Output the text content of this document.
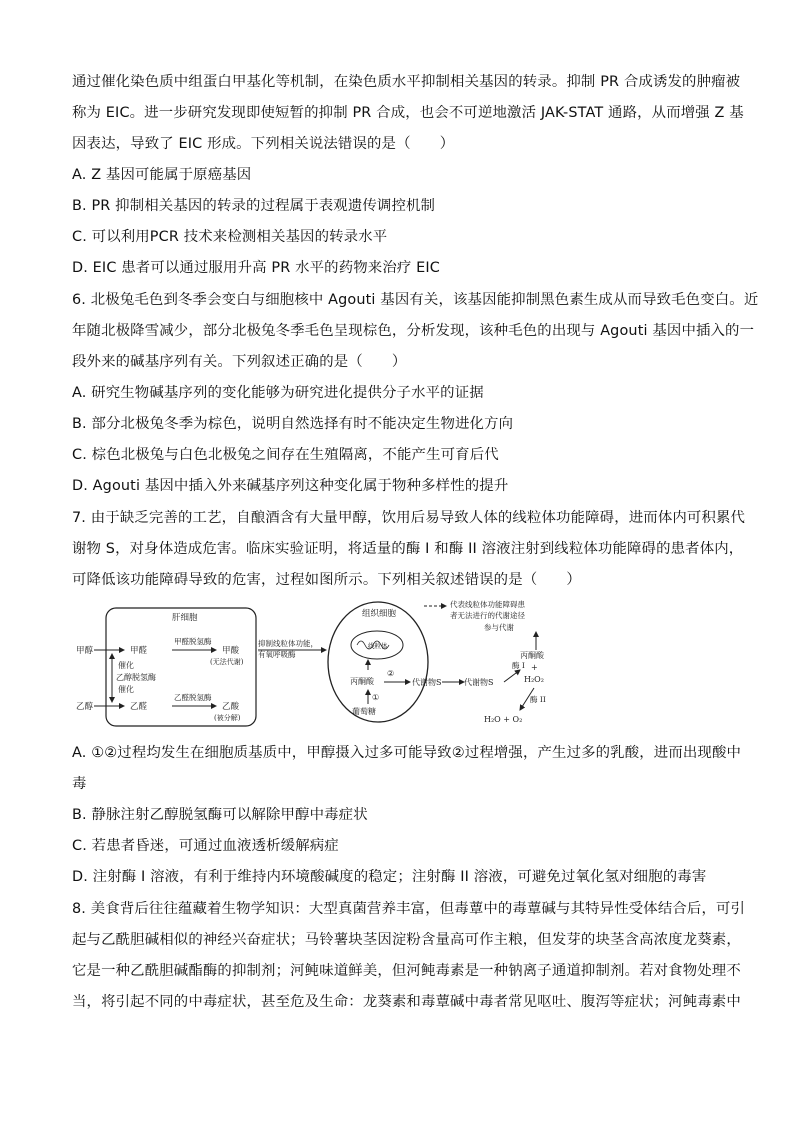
通过催化染色质中组蛋白甲基化等机制，在染色质水平抑制相关基因的转录。抑制 PR 合成诱发的肿瘤被
称为 EIC。进一步研究发现即使短暂的抑制 PR 合成，也会不可逆地激活 JAK-STAT 通路，从而增强 Z 基
因表达，导致了 EIC 形成。下列相关说法错误的是（　　）
A. Z 基因可能属于原癌基因
B. PR 抑制相关基因的转录的过程属于表观遗传调控机制
C. 可以利用PCR 技术来检测相关基因的转录水平
D. EIC 患者可以通过服用升高 PR 水平的药物来治疗 EIC
6. 北极兔毛色到冬季会变白与细胞核中 Agouti 基因有关，该基因能抑制黑色素生成从而导致毛色变白。近
年随北极降雪减少，部分北极兔冬季毛色呈现棕色，分析发现，该种毛色的出现与 Agouti 基因中插入的一
段外来的碱基序列有关。下列叙述正确的是（　　）
A. 研究生物碱基序列的变化能够为研究进化提供分子水平的证据
B. 部分北极兔冬季为棕色，说明自然选择有时不能决定生物进化方向
C. 棕色北极兔与白色北极兔之间存在生殖隔离，不能产生可育后代
D. Agouti 基因中插入外来碱基序列这种变化属于物种多样性的提升
7. 由于缺乏完善的工艺，自酿酒含有大量甲醇，饮用后易导致人体的线粒体功能障碍，进而体内可积累代
谢物 S，对身体造成危害。临床实验证明，将适量的酶 I 和酶 II 溶液注射到线粒体功能障碍的患者体内，
可降低该功能障碍导致的危害，过程如图所示。下列相关叙述错误的是（　　）
肝细胞
甲醇
乙醇
催化
乙醇脱氢酶
催化
甲醛
乙醛
甲醛脱氢酶
乙醛脱氢酶
甲酸
(无法代谢)
乙酸
(被分解)
抑制线粒体功能，
有氧呼吸酶
组织细胞
线粒体
丙酮酸
②
代谢物S
①
葡萄糖
代谢物S
酶 I
丙酮酸
+
H₂O₂
酶 II
H₂O + O₂
参与代谢
代表线粒体功能障碍患
者无法进行的代谢途径
A. ①②过程均发生在细胞质基质中，甲醇摄入过多可能导致②过程增强，产生过多的乳酸，进而出现酸中
毒
B. 静脉注射乙醇脱氢酶可以解除甲醇中毒症状
C. 若患者昏迷，可通过血液透析缓解病症
D. 注射酶 I 溶液，有利于维持内环境酸碱度的稳定；注射酶 II 溶液，可避免过氧化氢对细胞的毒害
8. 美食背后往往蕴藏着生物学知识：大型真菌营养丰富，但毒蕈中的毒蕈碱与其特异性受体结合后，可引
起与乙酰胆碱相似的神经兴奋症状；马铃薯块茎因淀粉含量高可作主粮，但发芽的块茎含高浓度龙葵素，
它是一种乙酰胆碱酯酶的抑制剂；河鲀味道鲜美，但河鲀毒素是一种钠离子通道抑制剂。若对食物处理不
当，将引起不同的中毒症状，甚至危及生命：龙葵素和毒蕈碱中毒者常见呕吐、腹泻等症状；河鲀毒素中
